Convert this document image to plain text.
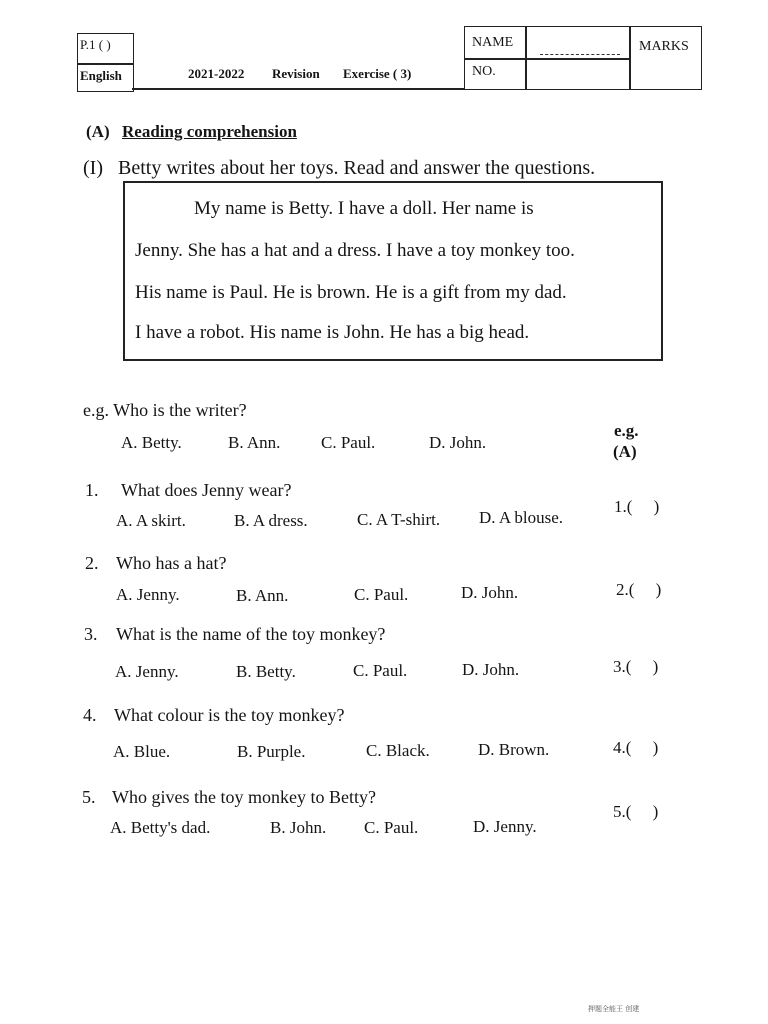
P.1 ( )
English	2021-2022 Revision Exercise ( 3)
NAME
NO.
MARKS
(A) Reading comprehension
(I) Betty writes about her toys. Read and answer the questions.
My name is Betty. I have a doll. Her name is
Jenny. She has a hat and a dress. I have a toy monkey too.
His name is Paul. He is brown. He is a gift from my dad.
I have a robot. His name is John. He has a big head.
e.g. Who is the writer?
A. Betty.	B. Ann. C. Paul.	D. John.
e.g.
(A)
1. What does Jenny wear?
A. A skirt.	B. A dress.	C. A T-shirt. D. A blouse.
1.(     )
2. Who has a hat?
A. Jenny.	B. Ann.	C. Paul.	D. John.	2.(     )
3. What is the name of the toy monkey?
A. Jenny.	B. Betty.	C. Paul.	D. John.	3.(     )
4. What colour is the toy monkey?
A. Blue.	B. Purple.	C. Black.	D. Brown.	4.(     )
5. Who gives the toy monkey to Betty?
A. Betty's dad.	B. John. C. Paul.	D. Jenny.
5.(     )
押题全能王 创建
